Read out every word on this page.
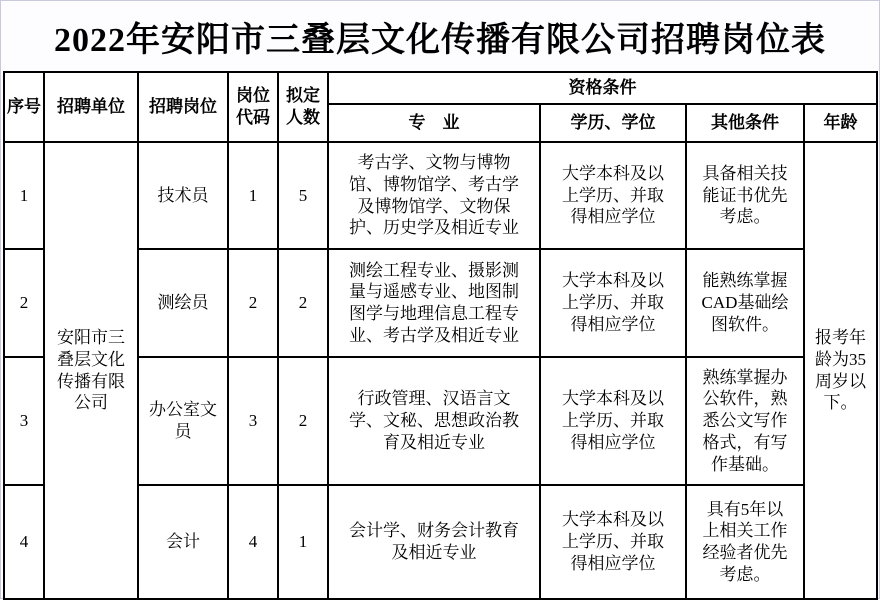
2022年安阳市三叠层文化传播有限公司招聘岗位表
序号	招聘单位	招聘岗位	岗位代码	拟定人数	资格条件			
					专　业	学历、学位	其他条件	年龄
1	安阳市三叠层文化传播有限公司	技术员	1	5	考古学、文物与博物馆、博物馆学、考古学及博物馆学、文物保护、历史学及相近专业	大学本科及以上学历、并取得相应学位	具备相关技能证书优先考虑。	报考年龄为35周岁以下。
2		测绘员	2	2	测绘工程专业、摄影测量与遥感专业、地图制图学与地理信息工程专业、考古学及相近专业	大学本科及以上学历、并取得相应学位	能熟练掌握CAD基础绘图软件。	
3		办公室文员	3	2	行政管理、汉语言文学、文秘、思想政治教育及相近专业	大学本科及以上学历、并取得相应学位	熟练掌握办公软件，熟悉公文写作格式，有写作基础。	
4		会计	4	1	会计学、财务会计教育及相近专业	大学本科及以上学历、并取得相应学位	具有5年以上相关工作经验者优先考虑。	
